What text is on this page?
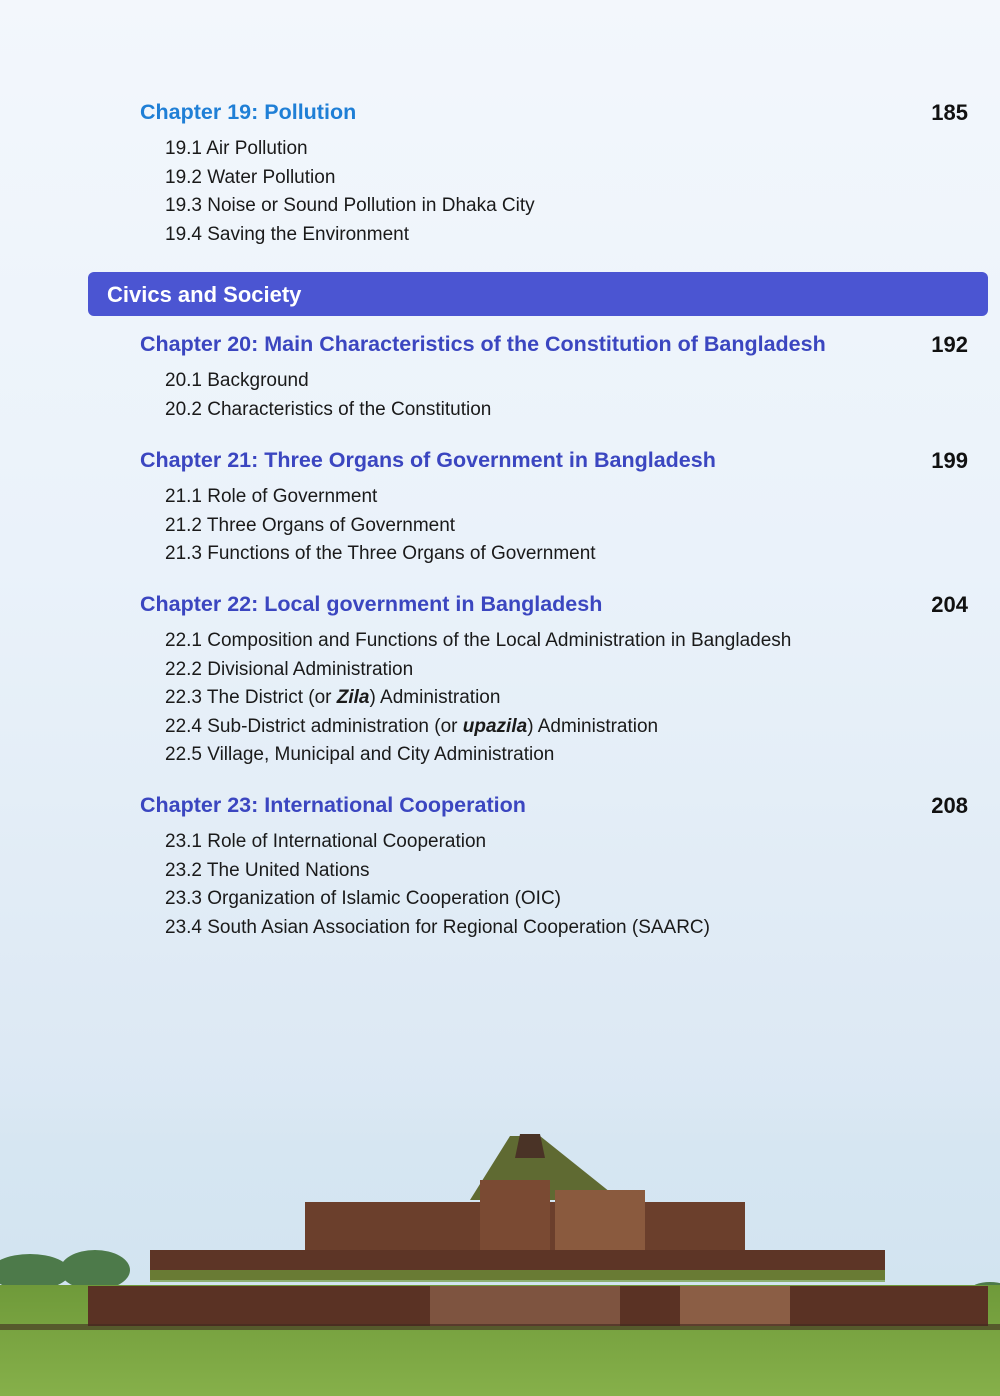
Chapter 19: Pollution	185
19.1 Air Pollution
19.2 Water Pollution
19.3 Noise or Sound Pollution in Dhaka City
19.4 Saving the Environment
Civics and Society
Chapter 20: Main Characteristics of the Constitution of Bangladesh	192
20.1 Background
20.2 Characteristics of the Constitution
Chapter 21: Three Organs of Government in Bangladesh	199
21.1 Role of Government
21.2 Three Organs of Government
21.3 Functions of the Three Organs of Government
Chapter 22: Local government in Bangladesh	204
22.1 Composition and Functions of the Local Administration in Bangladesh
22.2 Divisional Administration
22.3 The District (or Zila) Administration
22.4 Sub-District administration (or upazila) Administration
22.5 Village, Municipal and City Administration
Chapter 23: International Cooperation	208
23.1 Role of International Cooperation
23.2 The United Nations
23.3 Organization of Islamic Cooperation (OIC)
23.4 South Asian Association for Regional Cooperation (SAARC)
